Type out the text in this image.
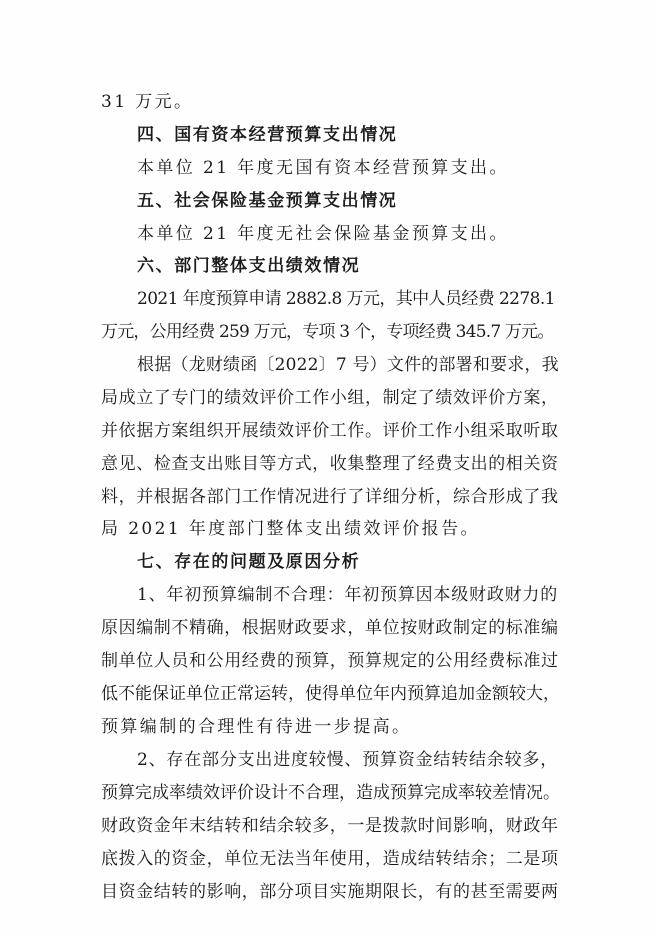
31 万元。
四、国有资本经营预算支出情况
本单位 21 年度无国有资本经营预算支出。
五、社会保险基金预算支出情况
本单位 21 年度无社会保险基金预算支出。
六、部门整体支出绩效情况
2021 年度预算申请 2882.8 万元，其中人员经费 2278.1
万元，公用经费 259 万元，专项 3 个，专项经费 345.7 万元。
根据（龙财绩函〔2022〕7 号）文件的部署和要求，我
局成立了专门的绩效评价工作小组，制定了绩效评价方案，
并依据方案组织开展绩效评价工作。评价工作小组采取听取
意见、检查支出账目等方式，收集整理了经费支出的相关资
料，并根据各部门工作情况进行了详细分析，综合形成了我
局 2021 年度部门整体支出绩效评价报告。
七、存在的问题及原因分析
1、年初预算编制不合理：年初预算因本级财政财力的
原因编制不精确，根据财政要求，单位按财政制定的标准编
制单位人员和公用经费的预算，预算规定的公用经费标准过
低不能保证单位正常运转，使得单位年内预算追加金额较大，
预算编制的合理性有待进一步提高。
2、存在部分支出进度较慢、预算资金结转结余较多，
预算完成率绩效评价设计不合理，造成预算完成率较差情况。
财政资金年末结转和结余较多，一是拨款时间影响，财政年
底拨入的资金，单位无法当年使用，造成结转结余；二是项
目资金结转的影响，部分项目实施期限长，有的甚至需要两
